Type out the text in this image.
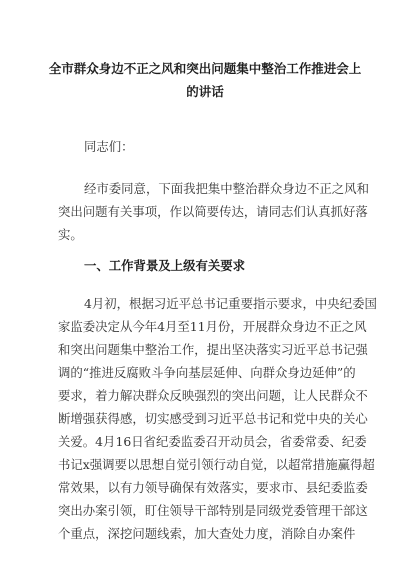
全市群众身边不正之风和突出问题集中整治工作推进会上
的讲话
同志们：
经市委同意，下面我把集中整治群众身边不正之风和
突出问题有关事项，作以简要传达，请同志们认真抓好落
实。
一、工作背景及上级有关要求
4月初，根据习近平总书记重要指示要求，中央纪委国
家监委决定从今年4月至11月份，开展群众身边不正之风
和突出问题集中整治工作，提出坚决落实习近平总书记强
调的“推进反腐败斗争向基层延伸、向群众身边延伸”的
要求，着力解决群众反映强烈的突出问题，让人民群众不
断增强获得感，切实感受到习近平总书记和党中央的关心
关爱。4月16日省纪委监委召开动员会，省委常委、纪委
书记x强调要以思想自觉引领行动自觉，以超常措施赢得超
常效果，以有力领导确保有效落实，要求市、县纪委监委
突出办案引领，盯住领导干部特别是同级党委管理干部这
个重点，深挖问题线索，加大查处力度，消除自办案件
